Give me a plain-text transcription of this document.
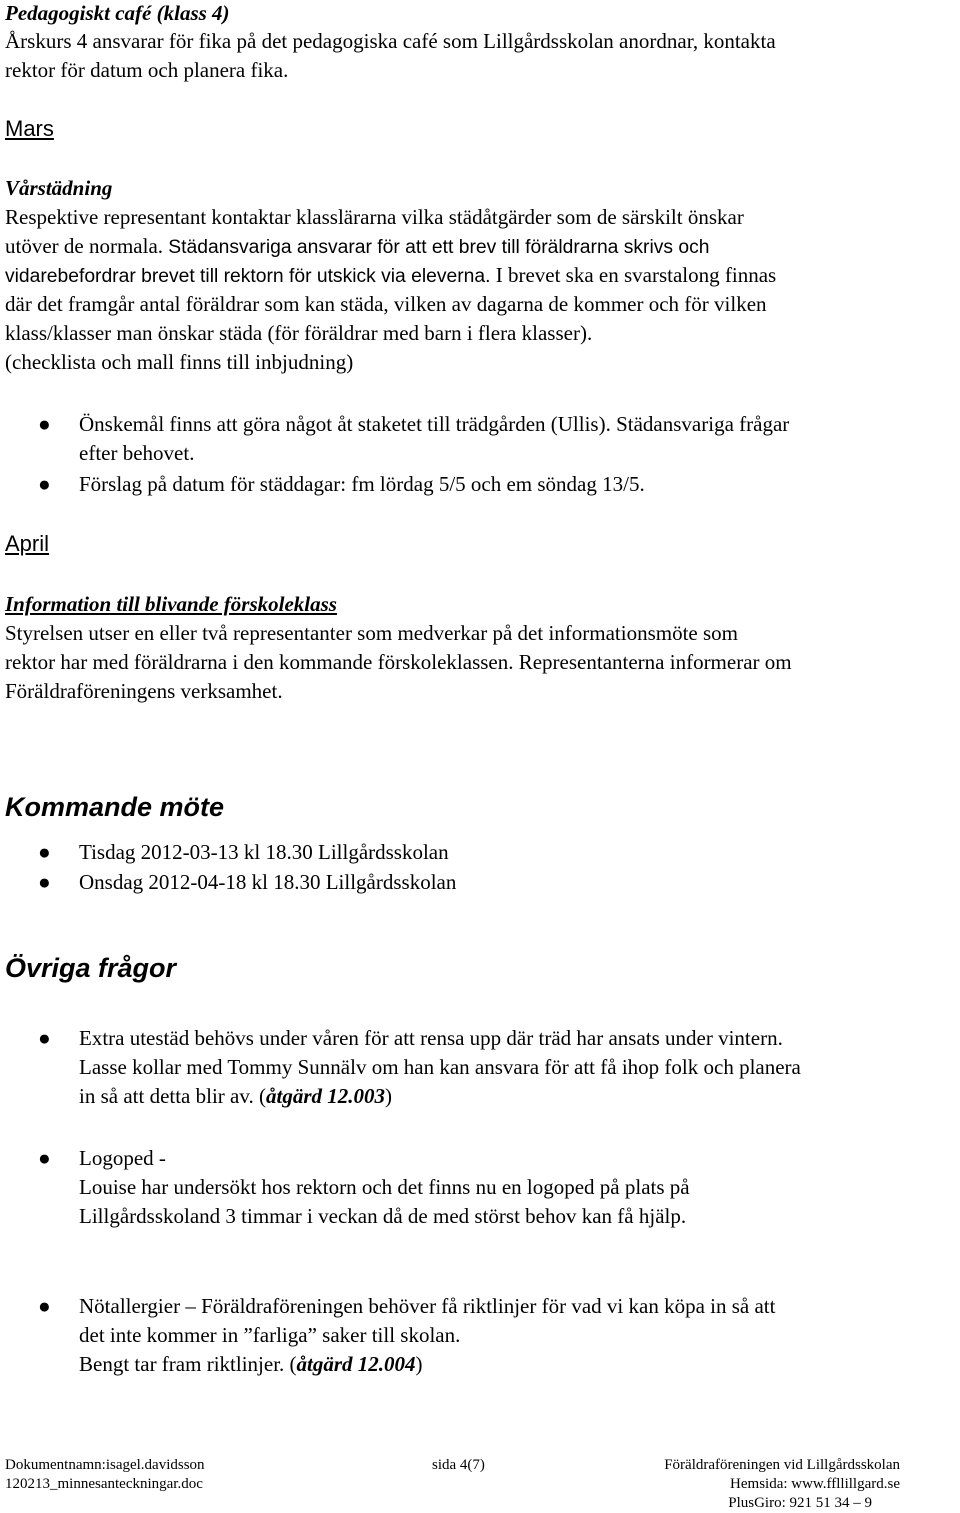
Pedagogiskt café (klass 4)
Årskurs 4 ansvarar för fika på det pedagogiska café som Lillgårdsskolan anordnar, kontakta
rektor för datum och planera fika.
Mars
Vårstädning
Respektive representant kontaktar klasslärarna vilka städåtgärder som de särskilt önskar
utöver de normala. Städansvariga ansvarar för att ett brev till föräldrarna skrivs och
vidarebefordrar brevet till rektorn för utskick via eleverna. I brevet ska en svarstalong finnas
där det framgår antal föräldrar som kan städa, vilken av dagarna de kommer och för vilken
klass/klasser man önskar städa (för föräldrar med barn i flera klasser).
(checklista och mall finns till inbjudning)
● Önskemål finns att göra något åt staketet till trädgården (Ullis). Städansvariga frågar
efter behovet.
● Förslag på datum för städdagar: fm lördag 5/5 och em söndag 13/5.
April
Information till blivande förskoleklass
Styrelsen utser en eller två representanter som medverkar på det informationsmöte som
rektor har med föräldrarna i den kommande förskoleklassen. Representanterna informerar om
Föräldraföreningens verksamhet.
Kommande möte
● Tisdag 2012-03-13 kl 18.30 Lillgårdsskolan
● Onsdag 2012-04-18 kl 18.30 Lillgårdsskolan
Övriga frågor
● Extra utestäd behövs under våren för att rensa upp där träd har ansats under vintern.
Lasse kollar med Tommy Sunnälv om han kan ansvara för att få ihop folk och planera
in så att detta blir av. (åtgärd 12.003)
● Logoped -
Louise har undersökt hos rektorn och det finns nu en logoped på plats på
Lillgårdsskoland 3 timmar i veckan då de med störst behov kan få hjälp.
● Nötallergier – Föräldraföreningen behöver få riktlinjer för vad vi kan köpa in så att
det inte kommer in ”farliga” saker till skolan.
Bengt tar fram riktlinjer. (åtgärd 12.004)
Dokumentnamn:isagel.davidsson
120213_minnesanteckningar.doc
sida 4(7)	Föräldraföreningen vid Lillgårdsskolan
Hemsida: www.ffllillgard.se
PlusGiro: 921 51 34 – 9
